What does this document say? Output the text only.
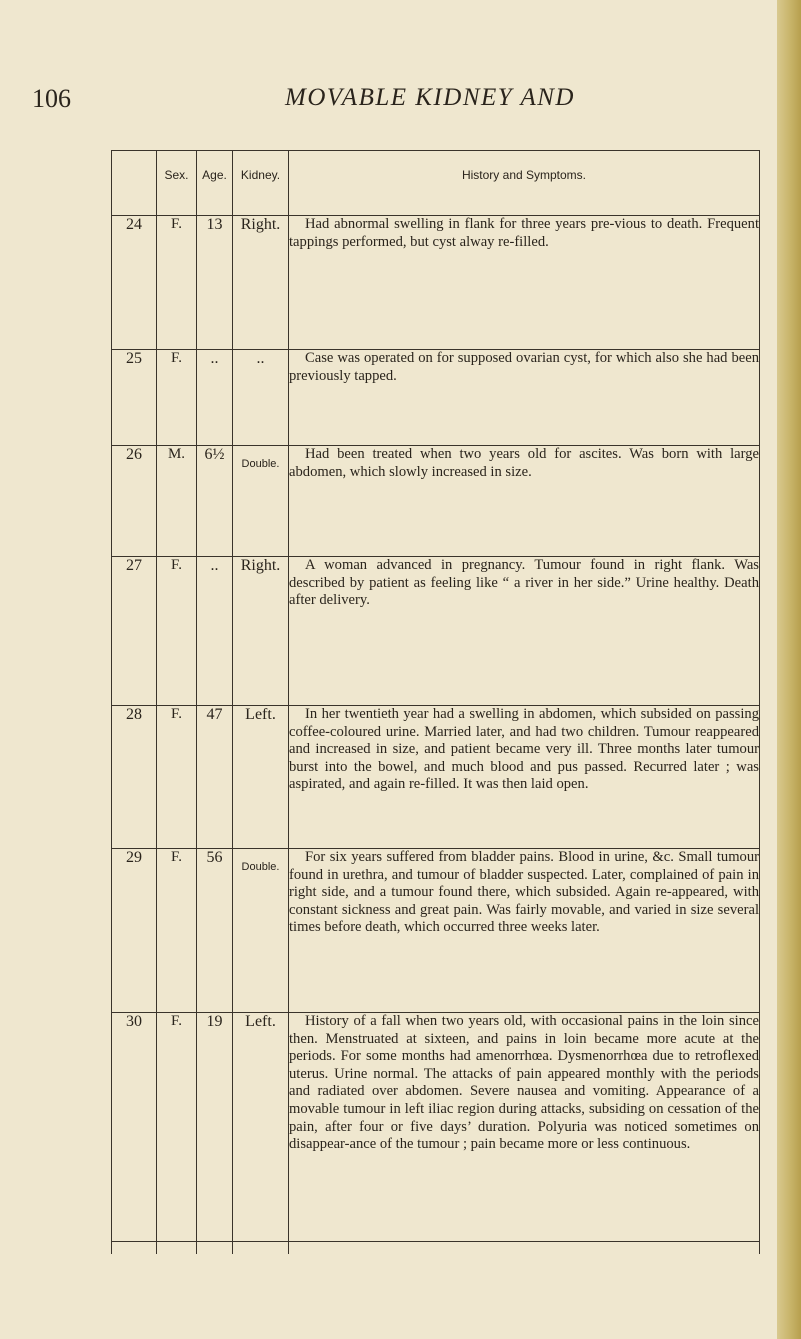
106	MOVABLE KIDNEY AND
	Sex.	Age.	Kidney.	History and Symptoms.
24	F.	13	Right.	Had abnormal swelling in flank for three years pre-vious to death. Frequent tappings performed, but cyst alway re-filled.
25	F.	..	..	Case was operated on for supposed ovarian cyst, for which also she had been previously tapped.
26	M.	6½	Double.	Had been treated when two years old for ascites. Was born with large abdomen, which slowly increased in size.
27	F.	..	Right.	A woman advanced in pregnancy. Tumour found in right flank. Was described by patient as feeling like “ a river in her side.” Urine healthy. Death after delivery.
28	F.	47	Left.	In her twentieth year had a swelling in abdomen, which subsided on passing coffee-coloured urine. Married later, and had two children. Tumour reappeared and increased in size, and patient became very ill. Three months later tumour burst into the bowel, and much blood and pus passed. Recurred later ; was aspirated, and again re-filled. It was then laid open.
29	F.	56	Double.	For six years suffered from bladder pains. Blood in urine, &c. Small tumour found in urethra, and tumour of bladder suspected. Later, complained of pain in right side, and a tumour found there, which subsided. Again re-appeared, with constant sickness and great pain. Was fairly movable, and varied in size several times before death, which occurred three weeks later.
30	F.	19	Left.	History of a fall when two years old, with occasional pains in the loin since then. Menstruated at sixteen, and pains in loin became more acute at the periods. For some months had amenorrhœa. Dysmenorrhœa due to retroflexed uterus. Urine normal. The attacks of pain appeared monthly with the periods and radiated over abdomen. Severe nausea and vomiting. Appearance of a movable tumour in left iliac region during attacks, subsiding on cessation of the pain, after four or five days’ duration. Polyuria was noticed sometimes on disappear-ance of the tumour ; pain became more or less continuous.
